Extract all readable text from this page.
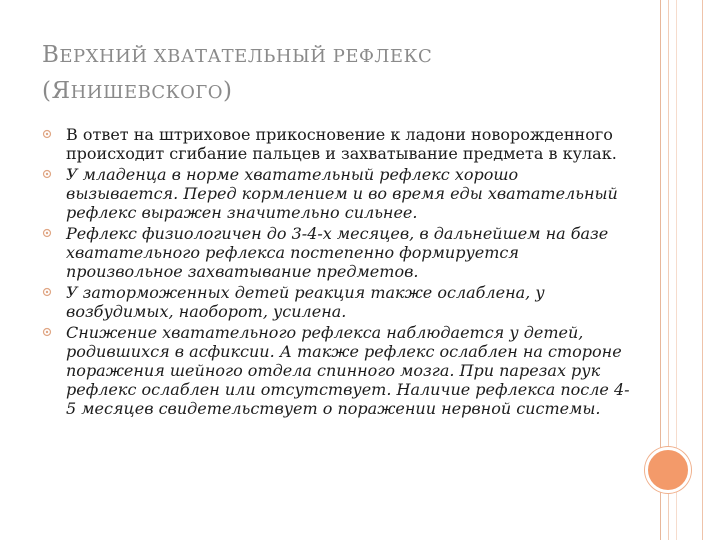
ВЕРХНИЙ ХВАТАТЕЛЬНЫЙ РЕФЛЕКС
(ЯНИШЕВСКОГО)
В ответ на штриховое прикосновение к ладони новорожденного происходит сгибание пальцев и захватывание предмета в кулак.
У младенца в норме хватательный рефлекс хорошо вызывается. Перед кормлением и во время еды хватательный рефлекс выражен значительно сильнее.
Рефлекс физиологичен до 3-4-х месяцев, в дальнейшем на базе хватательного рефлекса постепенно формируется произвольное захватывание предметов.
У заторможенных детей реакция также ослаблена, у возбудимых, наоборот, усилена.
Снижение хватательного рефлекса наблюдается у детей, родившихся в асфиксии. А также рефлекс ослаблен на стороне поражения шейного отдела спинного мозга. При парезах рук рефлекс ослаблен или отсутствует. Наличие рефлекса после 4-5 месяцев свидетельствует о поражении нервной системы.
